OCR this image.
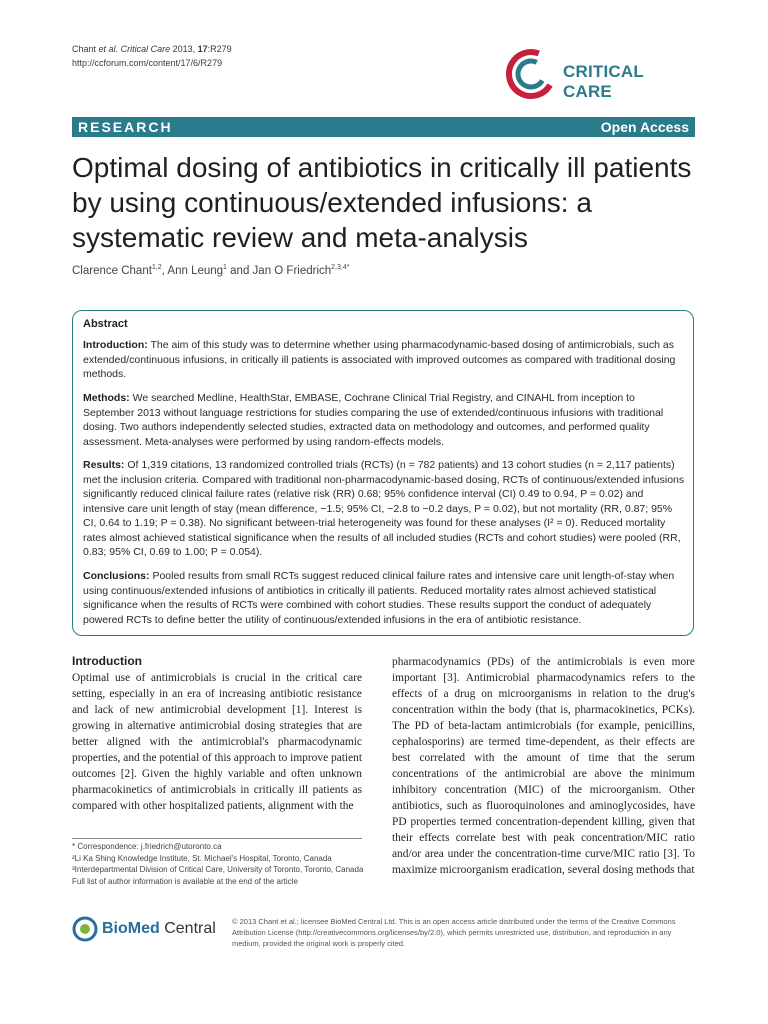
Chant et al. Critical Care 2013, 17:R279
http://ccforum.com/content/17/6/R279	CRITICAL CARE
RESEARCH	Open Access
Optimal dosing of antibiotics in critically ill patients by using continuous/extended infusions: a systematic review and meta-analysis
Clarence Chant$^{1,2}$, Ann Leung$^1$ and Jan O Friedrich$^{2,3,4*}$
Abstract
Introduction: The aim of this study was to determine whether using pharmacodynamic-based dosing of antimicrobials, such as extended/continuous infusions, in critically ill patients is associated with improved outcomes as compared with traditional dosing methods.
Methods: We searched Medline, HealthStar, EMBASE, Cochrane Clinical Trial Registry, and CINAHL from inception to September 2013 without language restrictions for studies comparing the use of extended/continuous infusions with traditional dosing. Two authors independently selected studies, extracted data on methodology and outcomes, and performed quality assessment. Meta-analyses were performed by using random-effects models.
Results: Of 1,319 citations, 13 randomized controlled trials (RCTs) (n = 782 patients) and 13 cohort studies (n = 2,117 patients) met the inclusion criteria. Compared with traditional non-pharmacodynamic-based dosing, RCTs of continuous/extended infusions significantly reduced clinical failure rates (relative risk (RR) 0.68; 95% confidence interval (CI) 0.49 to 0.94, P = 0.02) and intensive care unit length of stay (mean difference, −1.5; 95% CI, −2.8 to −0.2 days, P = 0.02), but not mortality (RR, 0.87; 95% CI, 0.64 to 1.19; P = 0.38). No significant between-trial heterogeneity was found for these analyses (I² = 0). Reduced mortality rates almost achieved statistical significance when the results of all included studies (RCTs and cohort studies) were pooled (RR, 0.83; 95% CI, 0.69 to 1.00; P = 0.054).
Conclusions: Pooled results from small RCTs suggest reduced clinical failure rates and intensive care unit length-of-stay when using continuous/extended infusions of antibiotics in critically ill patients. Reduced mortality rates almost achieved statistical significance when the results of RCTs were combined with cohort studies. These results support the conduct of adequately powered RCTs to define better the utility of continuous/extended infusions in the era of antibiotic resistance.
Introduction
Optimal use of antimicrobials is crucial in the critical care setting, especially in an era of increasing antibiotic resistance and lack of new antimicrobial development [1]. Interest is growing in alternative antimicrobial dosing strategies that are better aligned with the antimicrobial's pharmacodynamic properties, and the potential of this approach to improve patient outcomes [2]. Given the highly variable and often unknown pharmacokinetics of antimicrobials in critically ill patients as compared with other hospitalized patients, alignment with the
pharmacodynamics (PDs) of the antimicrobials is even more important [3]. Antimicrobial pharmacodynamics refers to the effects of a drug on microorganisms in relation to the drug's concentration within the body (that is, pharmacokinetics, PCKs). The PD of beta-lactam antimicrobials (for example, penicillins, cephalosporins) are termed time-dependent, as their effects are best correlated with the amount of time that the serum concentrations of the antimicrobial are above the minimum inhibitory concentration (MIC) of the microorganism. Other antibiotics, such as fluoroquinolones and aminoglycosides, have PD properties termed concentration-dependent killing, given that their effects correlate best with peak concentration/MIC ratio and/or area under the concentration-time curve/MIC ratio [3]. To maximize microorganism eradication, several dosing methods that
* Correspondence: j.friedrich@utoronto.ca
²Li Ka Shing Knowledge Institute, St. Michael's Hospital, Toronto, Canada
³Interdepartmental Division of Critical Care, University of Toronto, Toronto, Canada
Full list of author information is available at the end of the article
BioMed Central © 2013 Chant et al.; licensee BioMed Central Ltd. This is an open access article distributed under the terms of the Creative Commons Attribution License (http://creativecommons.org/licenses/by/2.0), which permits unrestricted use, distribution, and reproduction in any medium, provided the original work is properly cited.
